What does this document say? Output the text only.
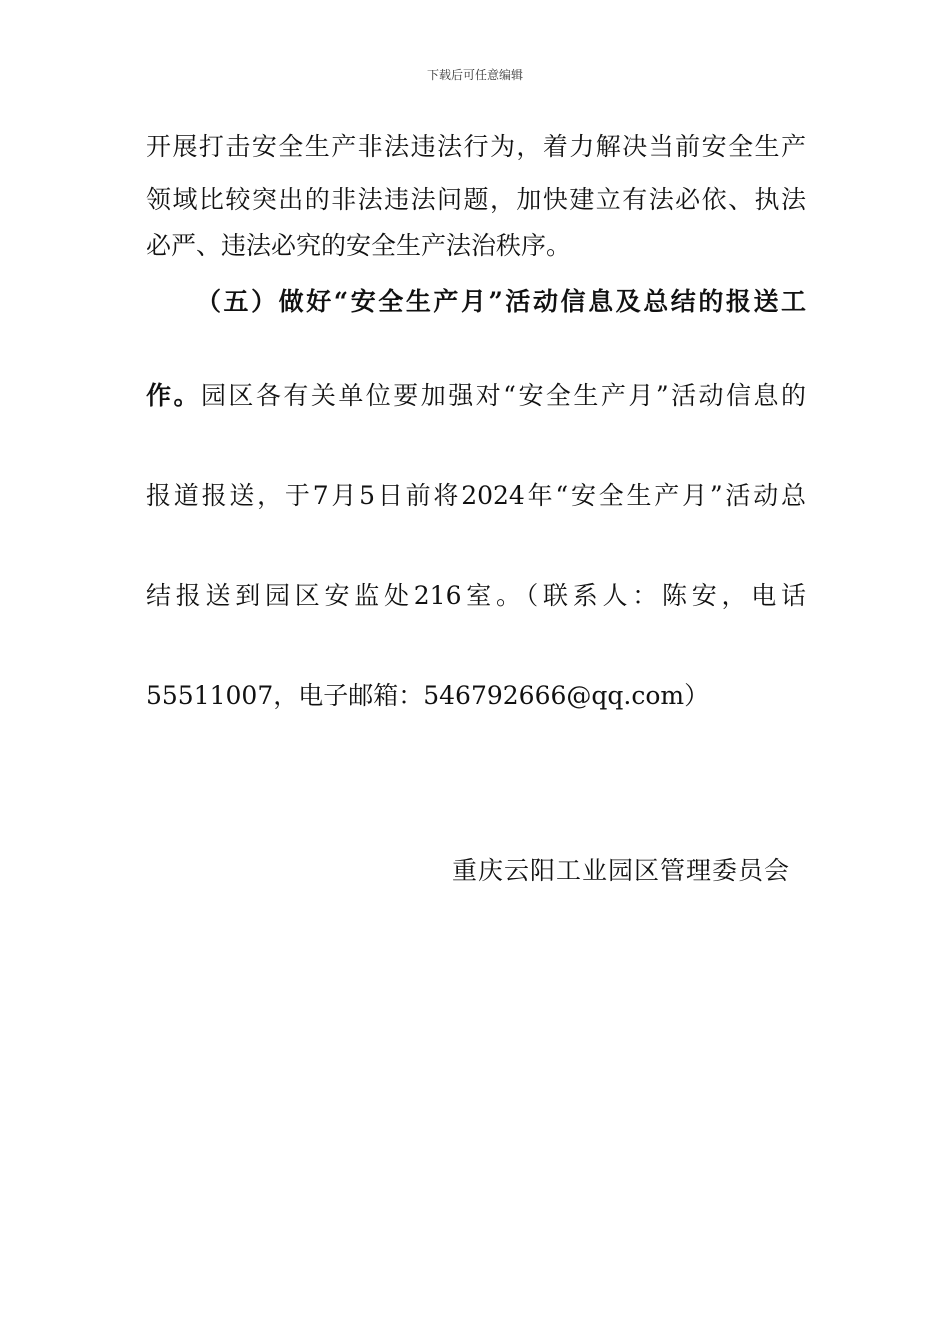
下载后可任意编辑
开展打击安全生产非法违法行为，着力解决当前安全生产
领域比较突出的非法违法问题，加快建立有法必依、执法
必严、违法必究的安全生产法治秩序。
（五）做好“安全生产月”活动信息及总结的报送工
作。园区各有关单位要加强对“安全生产月”活动信息的
报道报送，于7月5日前将2024年“安全生产月”活动总
结报送到园区安监处216室。（联系人：陈安，电话
55511007，电子邮箱：546792666@qq.com）
重庆云阳工业园区管理委员会
